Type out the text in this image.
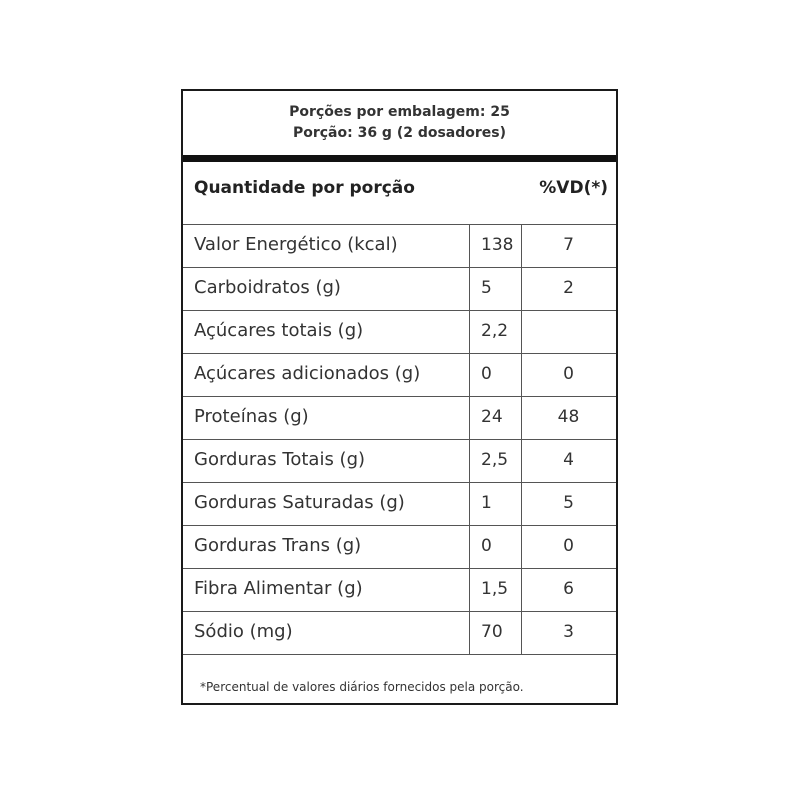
Porções por embalagem: 25
Porção: 36 g (2 dosadores)
Quantidade por porção	%VD(*)
Valor Energético (kcal)	138	7
Carboidratos (g)	5	2
Açúcares totais (g)	2,2
Açúcares adicionados (g)	0	0
Proteínas (g)	24	48
Gorduras Totais (g)	2,5	4
Gorduras Saturadas (g)	1	5
Gorduras Trans (g)	0	0
Fibra Alimentar (g)	1,5	6
Sódio (mg)	70	3
*Percentual de valores diários fornecidos pela porção.
